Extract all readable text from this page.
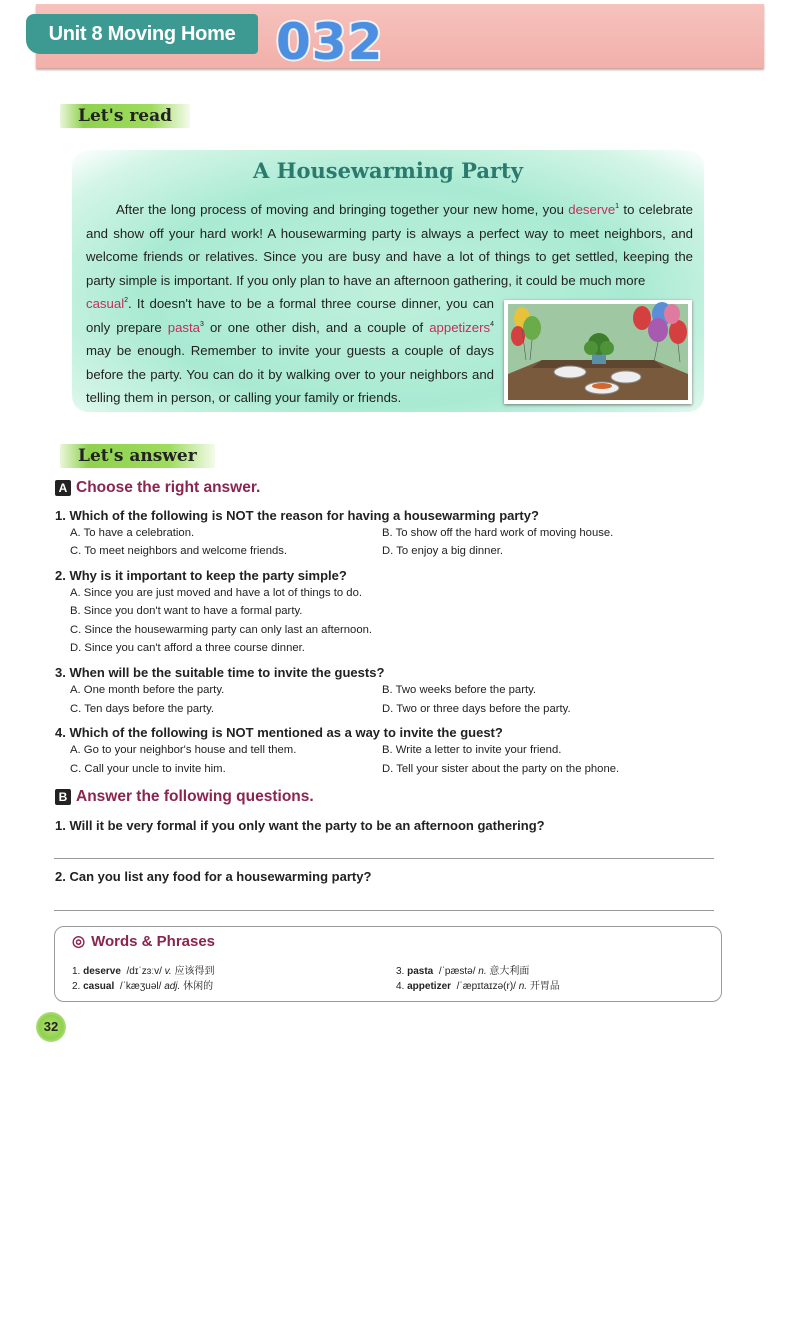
Unit 8 Moving Home 032
Let's read
A Housewarming Party

After the long process of moving and bringing together your new home, you deserve$^1$ to celebrate and show off your hard work! A housewarming party is always a perfect way to meet neighbors, and welcome friends or relatives. Since you are busy and have a lot of things to get settled, keeping the party simple is important. If you only plan to have an afternoon gathering, it could be much more

casual$^2$. It doesn't have to be a formal three course dinner, you can only prepare pasta$^3$ or one other dish, and a couple of appetizers$^4$ may be enough. Remember to invite your guests a couple of days before the party. You can do it by walking over to your neighbors and telling them in person, or calling your family or friends.

Let's answer
A Choose the right answer.
1. Which of the following is NOT the reason for having a housewarming party?
A. To have a celebration.	B. To show off the hard work of moving house.
C. To meet neighbors and welcome friends.	D. To enjoy a big dinner.
2. Why is it important to keep the party simple?
A. Since you are just moved and have a lot of things to do.
B. Since you don't want to have a formal party.
C. Since the housewarming party can only last an afternoon.
D. Since you can't afford a three course dinner.
3. When will be the suitable time to invite the guests?
A. One month before the party.	B. Two weeks before the party.
C. Ten days before the party.	D. Two or three days before the party.
4. Which of the following is NOT mentioned as a way to invite the guest?
A. Go to your neighbor's house and tell them.	B. Write a letter to invite your friend.
C. Call your uncle to invite him.	D. Tell your sister about the party on the phone.
B Answer the following questions.
1. Will it be very formal if you only want the party to be an afternoon gathering?
2. Can you list any food for a housewarming party?
◎ Words & Phrases
1. deserve /dɪˈzɜːv/ v. 应该得到
2. casual /ˈkæʒuəl/ adj. 休闲的
3. pasta /ˈpæstə/ n. 意大利面
4. appetizer /ˈæpɪtaɪzə(r)/ n. 开胃品
32
